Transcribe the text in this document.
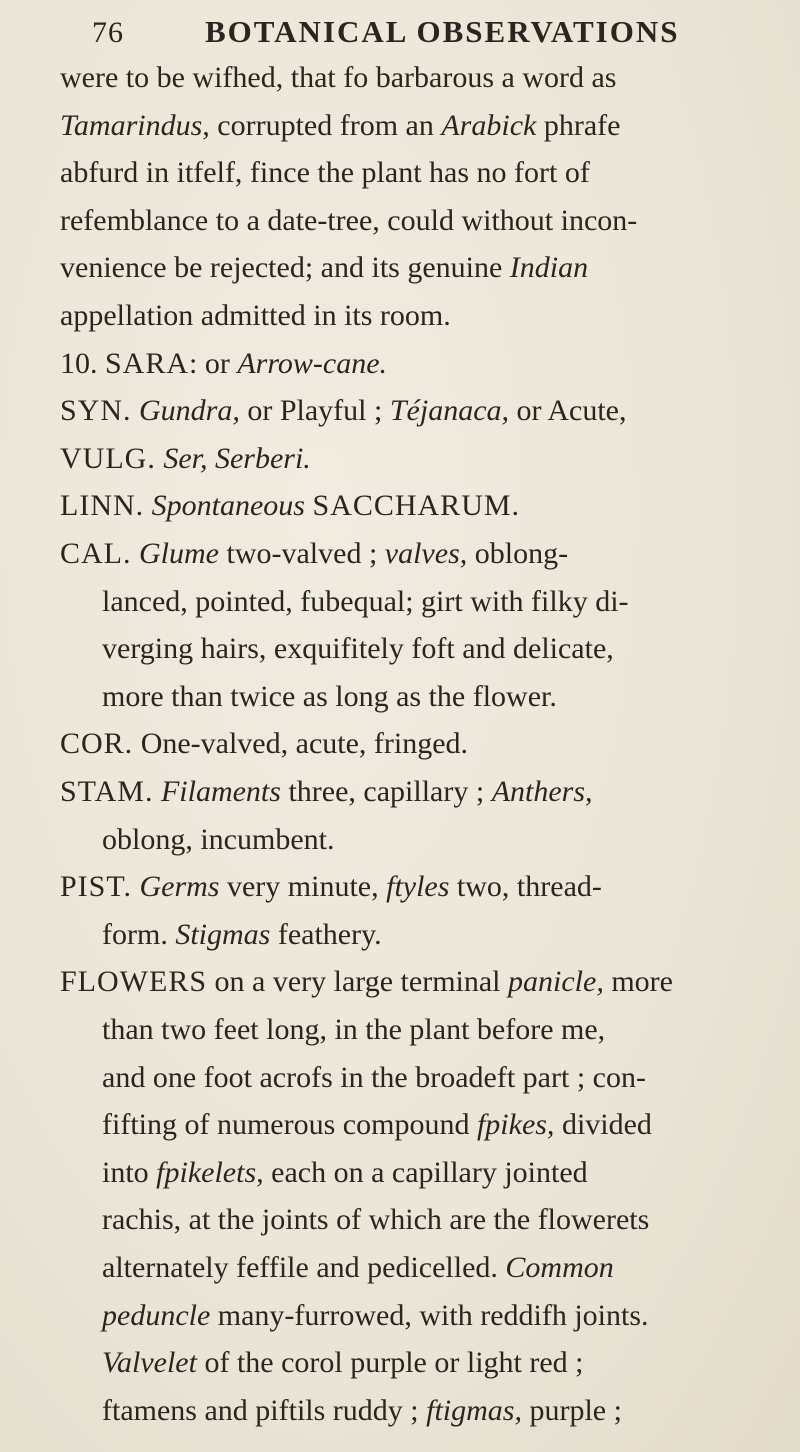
76	BOTANICAL OBSERVATIONS
were to be wifhed, that fo barbarous a word as
Tamarindus, corrupted from an Arabick phrafe
abfurd in itfelf, fince the plant has no fort of
refemblance to a date-tree, could without incon-
venience be rejected; and its genuine Indian
appellation admitted in its room.
10. SARA: or Arrow-cane.
SYN. Gundra, or Playful ; Téjanaca, or Acute,
VULG. Ser, Serberi.
LINN. Spontaneous SACCHARUM.
CAL. Glume two-valved ; valves, oblong-
lanced, pointed, fubequal; girt with filky di-
verging hairs, exquifitely foft and delicate,
more than twice as long as the flower.
COR. One-valved, acute, fringed.
STAM. Filaments three, capillary ; Anthers,
oblong, incumbent.
PIST. Germs very minute, ftyles two, thread-
form. Stigmas feathery.
FLOWERS on a very large terminal panicle, more
than two feet long, in the plant before me,
and one foot acrofs in the broadeft part ; con-
fifting of numerous compound fpikes, divided
into fpikelets, each on a capillary jointed
rachis, at the joints of which are the flowerets
alternately feffile and pedicelled. Common
peduncle many-furrowed, with reddifh joints.
Valvelet of the corol purple or light red ;
ftamens and piftils ruddy ; ftigmas, purple ;
